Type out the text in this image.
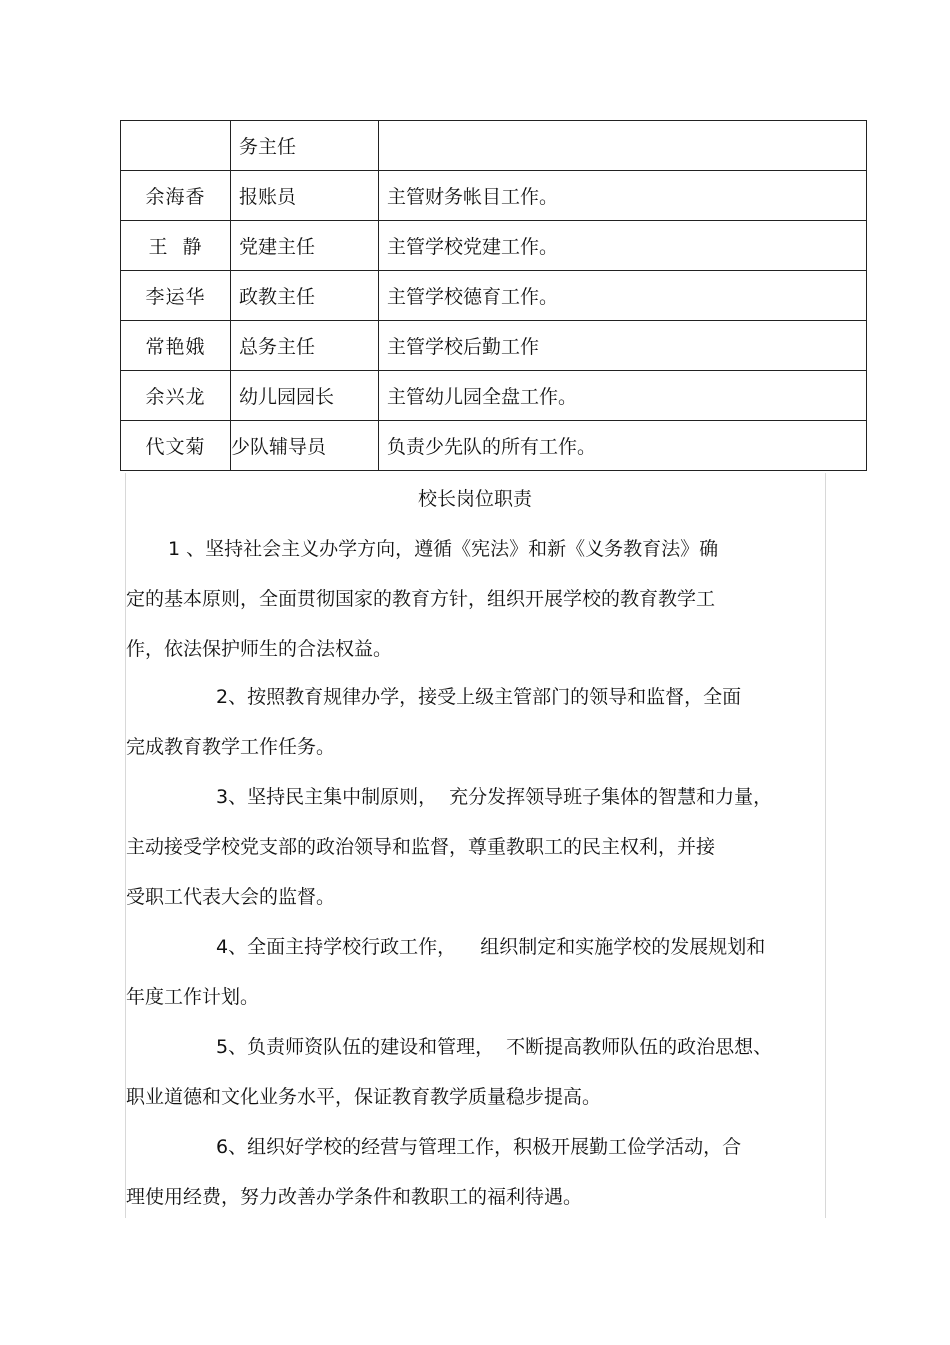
	务主任	
余海香	报账员	主管财务帐目工作。
王  静	党建主任	主管学校党建工作。
李运华	政教主任	主管学校德育工作。
常艳娥	总务主任	主管学校后勤工作
余兴龙	幼儿园园长	主管幼儿园全盘工作。
代文菊	少队辅导员	负责少先队的所有工作。
校长岗位职责
1 、坚持社会主义办学方向，遵循《宪法》和新《义务教育法》确
定的基本原则，全面贯彻国家的教育方针，组织开展学校的教育教学工
作，依法保护师生的合法权益。
2、按照教育规律办学，接受上级主管部门的领导和监督，全面
完成教育教学工作任务。
3、坚持民主集中制原则，  充分发挥领导班子集体的智慧和力量，
主动接受学校党支部的政治领导和监督，尊重教职工的民主权利，并接
受职工代表大会的监督。
4、全面主持学校行政工作，    组织制定和实施学校的发展规划和
年度工作计划。
5、负责师资队伍的建设和管理，  不断提高教师队伍的政治思想、
职业道德和文化业务水平，保证教育教学质量稳步提高。
6、组织好学校的经营与管理工作，积极开展勤工俭学活动，合
理使用经费，努力改善办学条件和教职工的福利待遇。
